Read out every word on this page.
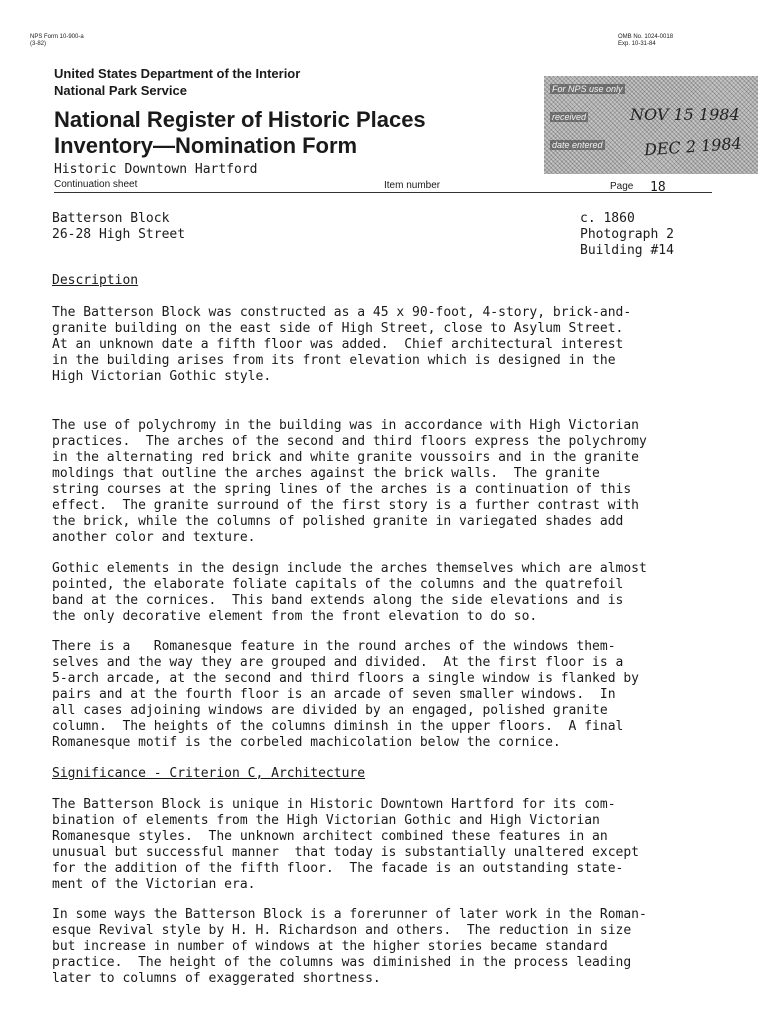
NPS Form 10-900-a
(3-82)
OMB No. 1024-0018
Exp. 10-31-84
United States Department of the Interior
National Park Service
National Register of Historic Places
Inventory—Nomination Form
Historic Downtown Hartford
For NPS use only
received	NOV 15 1984
date entered	DEC 2 1984
Continuation sheet	Item number	Page 18
Batterson Block
26-28 High Street
c. 1860
Photograph 2
Building #14
Description
The Batterson Block was constructed as a 45 x 90-foot, 4-story, brick-and-
granite building on the east side of High Street, close to Asylum Street.
At an unknown date a fifth floor was added.  Chief architectural interest
in the building arises from its front elevation which is designed in the
High Victorian Gothic style.
The use of polychromy in the building was in accordance with High Victorian
practices.  The arches of the second and third floors express the polychromy
in the alternating red brick and white granite voussoirs and in the granite
moldings that outline the arches against the brick walls.  The granite
string courses at the spring lines of the arches is a continuation of this
effect.  The granite surround of the first story is a further contrast with
the brick, while the columns of polished granite in variegated shades add
another color and texture.
Gothic elements in the design include the arches themselves which are almost
pointed, the elaborate foliate capitals of the columns and the quatrefoil
band at the cornices.  This band extends along the side elevations and is
the only decorative element from the front elevation to do so.
There is a   Romanesque feature in the round arches of the windows them-
selves and the way they are grouped and divided.  At the first floor is a
5-arch arcade, at the second and third floors a single window is flanked by
pairs and at the fourth floor is an arcade of seven smaller windows.  In
all cases adjoining windows are divided by an engaged, polished granite
column.  The heights of the columns diminsh in the upper floors.  A final
Romanesque motif is the corbeled machicolation below the cornice.
Significance - Criterion C, Architecture
The Batterson Block is unique in Historic Downtown Hartford for its com-
bination of elements from the High Victorian Gothic and High Victorian
Romanesque styles.  The unknown architect combined these features in an
unusual but successful manner  that today is substantially unaltered except
for the addition of the fifth floor.  The facade is an outstanding state-
ment of the Victorian era.
In some ways the Batterson Block is a forerunner of later work in the Roman-
esque Revival style by H. H. Richardson and others.  The reduction in size
but increase in number of windows at the higher stories became standard
practice.  The height of the columns was diminished in the process leading
later to columns of exaggerated shortness.
